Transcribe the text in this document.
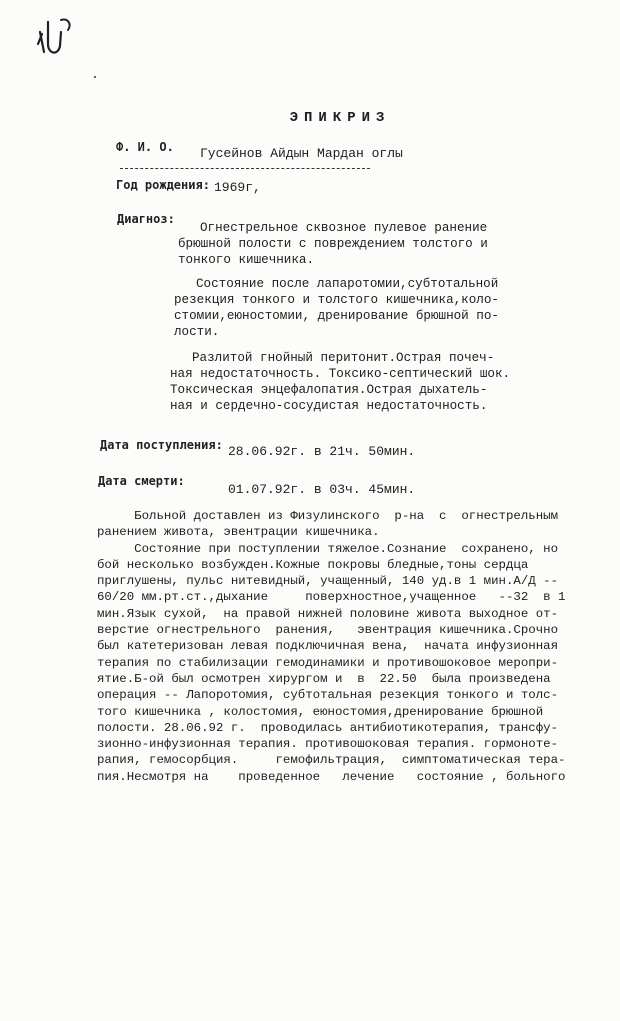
ЭПИКРИЗ
Ф. И. О. Гусейнов Айдын Мардан оглы
Год рождения: 1969г,
Диагноз:
Огнестрельное сквозное пулевое ранение
брюшной полости с повреждением толстого и
тонкого кишечника.
Состояние после лапаротомии,субтотальной
резекция тонкого и толстого кишечника,коло-
стомии,еюностомии, дренирование брюшной по-
лости.
Разлитой гнойный перитонит.Острая почеч-
ная недостаточность. Токсико-септический шок.
Токсическая энцефалопатия.Острая дыхатель-
ная и сердечно-сосудистая недостаточность.
Дата поступления: 28.06.92г. в 21ч. 50мин.
Дата смерти:
01.07.92г. в 03ч. 45мин.
Больной доставлен из Физулинского  р-на  с  огнестрельным
ранением живота, эвентрации кишечника.
Состояние при поступлении тяжелое.Сознание  сохранено, но
бой несколько возбужден.Кожные покровы бледные,тоны сердца
приглушены, пульс нитевидный, учащенный, 140 уд.в 1 мин.А/Д --
60/20 мм.рт.ст.,дыхание     поверхностное,учащенное   --32  в 1
мин.Язык сухой,  на правой нижней половине живота выходное от-
верстие огнестрельного  ранения,   эвентрация кишечника.Срочно
был катетеризован левая подключичная вена,  начата инфузионная
терапия по стабилизации гемодинамики и противошоковое меропри-
ятие.Б-ой был осмотрен хирургом и  в  22.50  была произведена
операция -- Лапоротомия, субтотальная резекция тонкого и толс-
того кишечника , колостомия, еюностомия,дренирование брюшной
полости. 28.06.92 г.  проводилась антибиотикотерапия, трансфу-
зионно-инфузионная терапия. противошоковая терапия. гормоноте-
рапия, гемосорбция.     гемофильтрация,  симптоматическая тера-
пия.Несмотря на    проведенное   лечение   состояние , больного
